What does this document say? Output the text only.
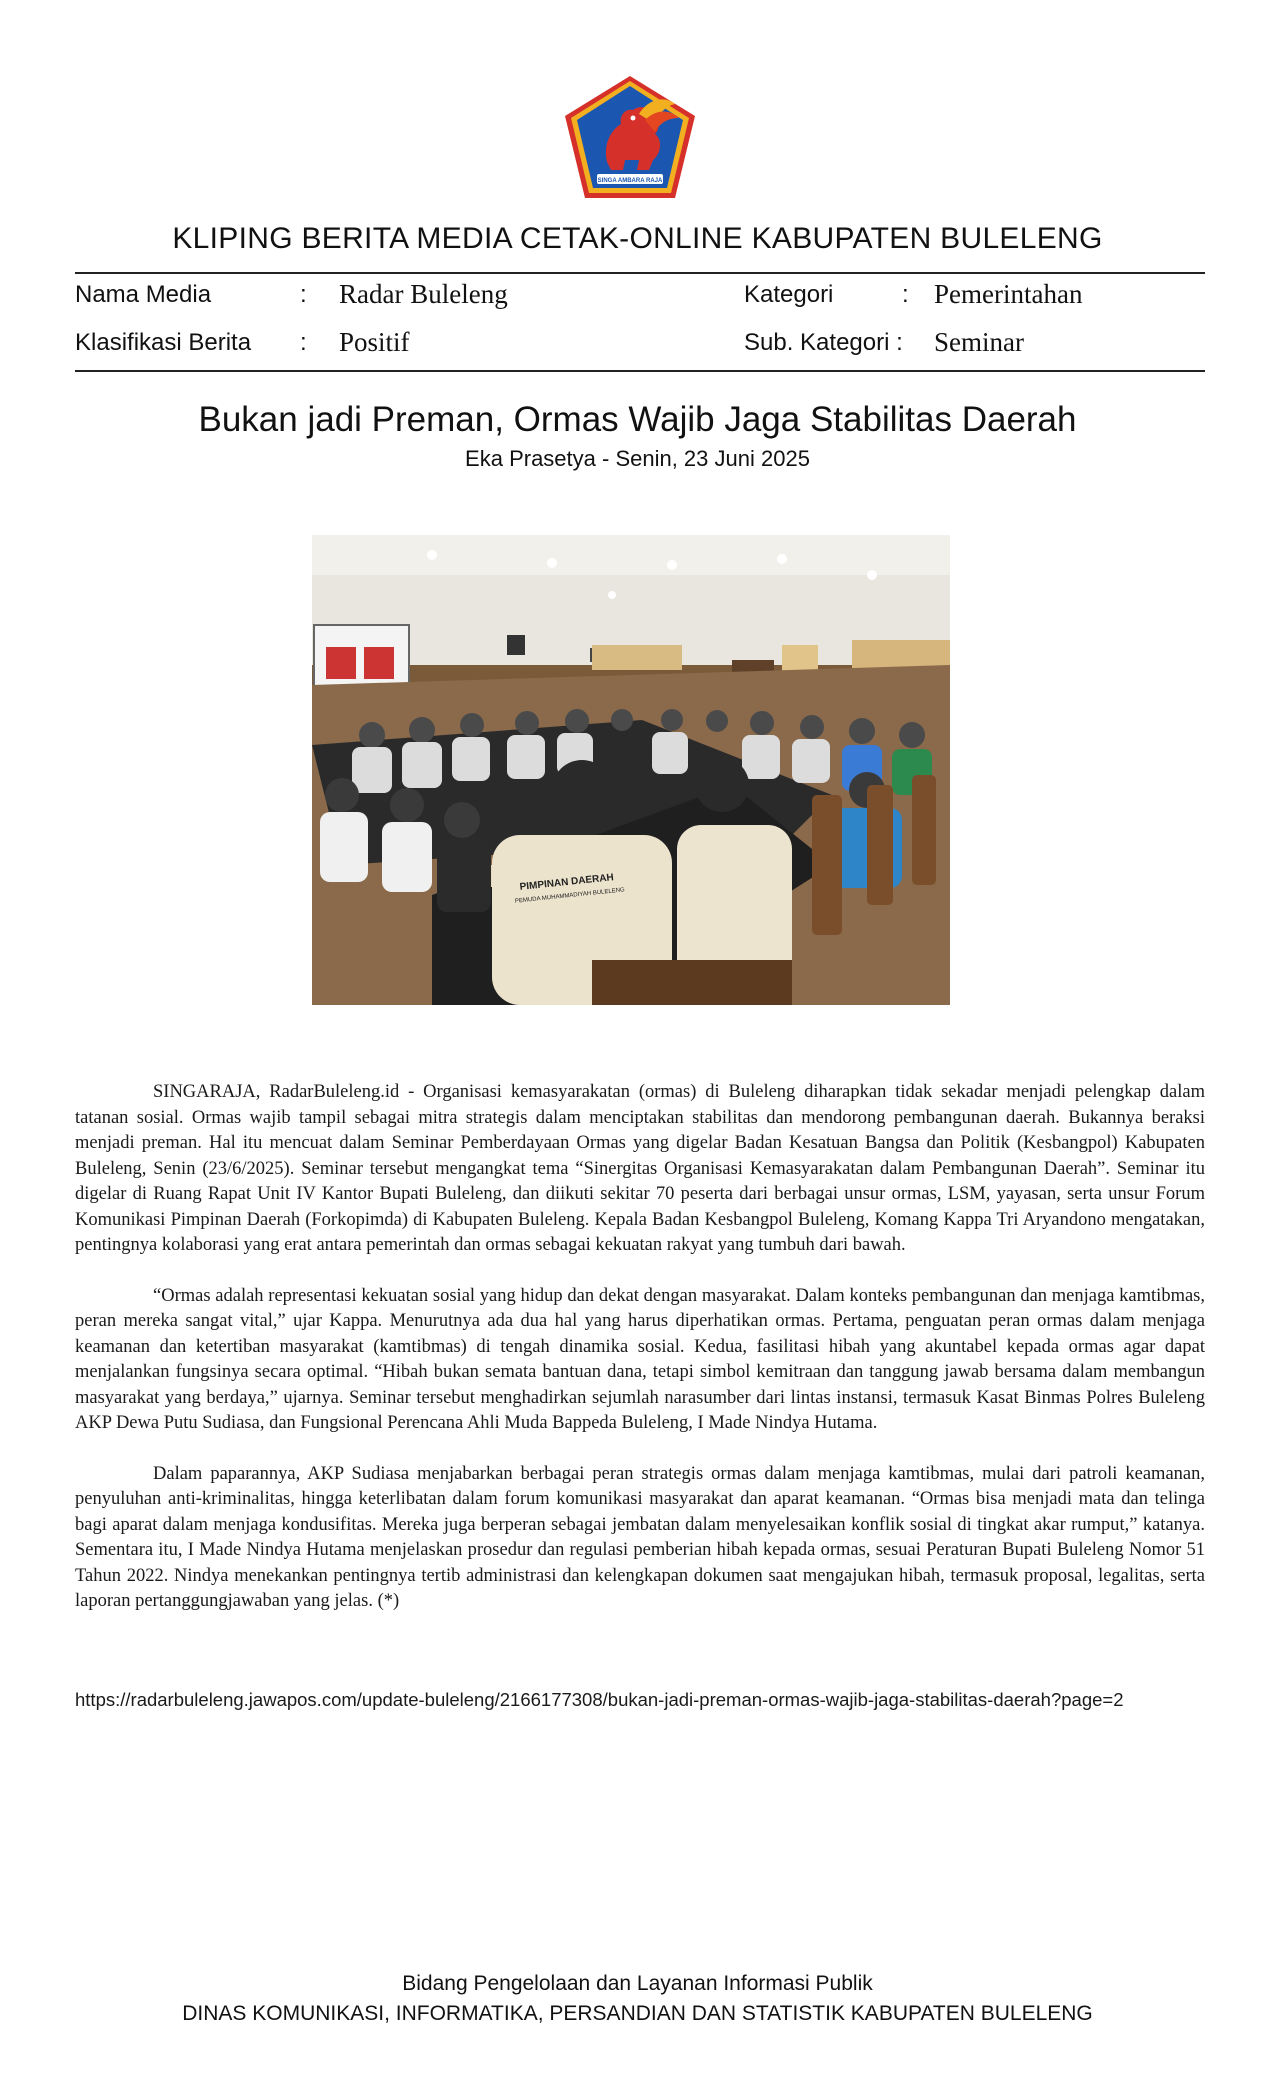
SINGA AMBARA RAJA
KLIPING BERITA MEDIA CETAK-ONLINE KABUPATEN BULELENG
Nama Media	: Radar Buleleng	Kategori	: Pemerintahan
Klasifikasi Berita : Positif	Sub. Kategori : Seminar
Bukan jadi Preman, Ormas Wajib Jaga Stabilitas Daerah
Eka Prasetya - Senin, 23 Juni 2025
PIMPINAN DAERAH
PEMUDA MUHAMMADIYAH BULELENG

SINGARAJA, RadarBuleleng.id - Organisasi kemasyarakatan (ormas) di Buleleng diharapkan tidak sekadar menjadi pelengkap dalam tatanan sosial. Ormas wajib tampil sebagai mitra strategis dalam menciptakan stabilitas dan mendorong pembangunan daerah. Bukannya beraksi menjadi preman. Hal itu mencuat dalam Seminar Pemberdayaan Ormas yang digelar Badan Kesatuan Bangsa dan Politik (Kesbangpol) Kabupaten Buleleng, Senin (23/6/2025). Seminar tersebut mengangkat tema “Sinergitas Organisasi Kemasyarakatan dalam Pembangunan Daerah”. Seminar itu digelar di Ruang Rapat Unit IV Kantor Bupati Buleleng, dan diikuti sekitar 70 peserta dari berbagai unsur ormas, LSM, yayasan, serta unsur Forum Komunikasi Pimpinan Daerah (Forkopimda) di Kabupaten Buleleng. Kepala Badan Kesbangpol Buleleng, Komang Kappa Tri Aryandono mengatakan, pentingnya kolaborasi yang erat antara pemerintah dan ormas sebagai kekuatan rakyat yang tumbuh dari bawah.

“Ormas adalah representasi kekuatan sosial yang hidup dan dekat dengan masyarakat. Dalam konteks pembangunan dan menjaga kamtibmas, peran mereka sangat vital,” ujar Kappa. Menurutnya ada dua hal yang harus diperhatikan ormas. Pertama, penguatan peran ormas dalam menjaga keamanan dan ketertiban masyarakat (kamtibmas) di tengah dinamika sosial. Kedua, fasilitasi hibah yang akuntabel kepada ormas agar dapat menjalankan fungsinya secara optimal. “Hibah bukan semata bantuan dana, tetapi simbol kemitraan dan tanggung jawab bersama dalam membangun masyarakat yang berdaya,” ujarnya. Seminar tersebut menghadirkan sejumlah narasumber dari lintas instansi, termasuk Kasat Binmas Polres Buleleng AKP Dewa Putu Sudiasa, dan Fungsional Perencana Ahli Muda Bappeda Buleleng, I Made Nindya Hutama.

Dalam paparannya, AKP Sudiasa menjabarkan berbagai peran strategis ormas dalam menjaga kamtibmas, mulai dari patroli keamanan, penyuluhan anti-kriminalitas, hingga keterlibatan dalam forum komunikasi masyarakat dan aparat keamanan. “Ormas bisa menjadi mata dan telinga bagi aparat dalam menjaga kondusifitas. Mereka juga berperan sebagai jembatan dalam menyelesaikan konflik sosial di tingkat akar rumput,” katanya. Sementara itu, I Made Nindya Hutama menjelaskan prosedur dan regulasi pemberian hibah kepada ormas, sesuai Peraturan Bupati Buleleng Nomor 51 Tahun 2022. Nindya menekankan pentingnya tertib administrasi dan kelengkapan dokumen saat mengajukan hibah, termasuk proposal, legalitas, serta laporan pertanggungjawaban yang jelas. (*)

https://radarbuleleng.jawapos.com/update-buleleng/2166177308/bukan-jadi-preman-ormas-wajib-jaga-stabilitas-daerah?page=2
Bidang Pengelolaan dan Layanan Informasi Publik
DINAS KOMUNIKASI, INFORMATIKA, PERSANDIAN DAN STATISTIK KABUPATEN BULELENG
